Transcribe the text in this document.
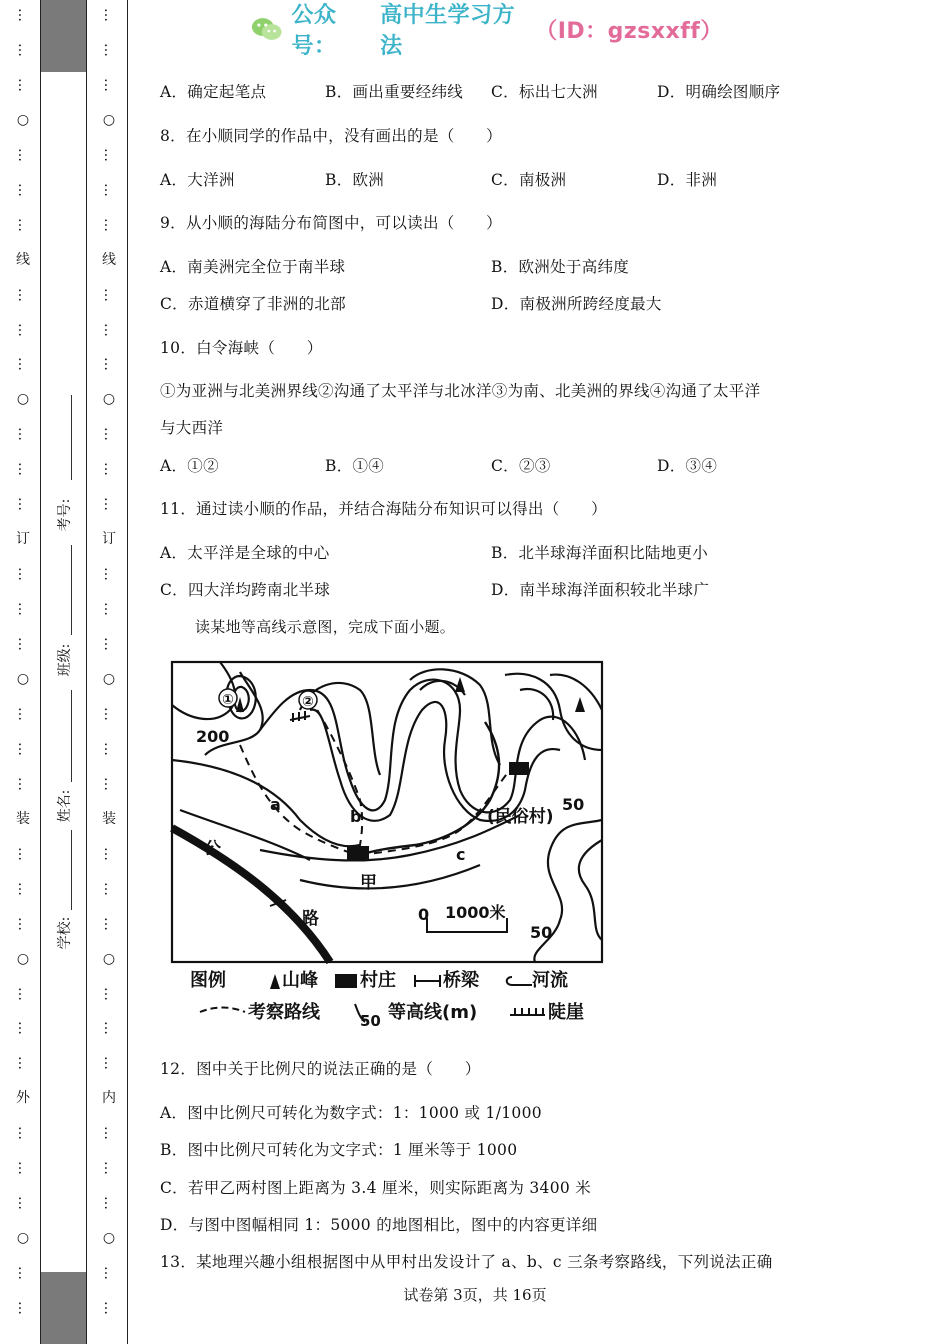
…
…
…
○
…
…
…
线
…
…
…
○
…
…
…
订
…
…
…
○
…
…
…
装
…
…
…
○
…
…
…
外
…
…
…
○
…
…
…
…
…
○
…
…
…
线
…
…
…
○
…
…
…
订
…
…
…
○
…
…
…
装
…
…
…
○
…
…
…
内
…
…
…
○
…
…
考号:
班级:
姓名:
学校:
公众号：
高中生学习方法
（ID：gzsxxff）
A．确定起笔点	B．画出重要经纬线 C．标出七大洲	D．明确绘图顺序
8．在小顺同学的作品中，没有画出的是（　　）
A．大洋洲	B．欧洲	C．南极洲	D．非洲
9．从小顺的海陆分布简图中，可以读出（　　）
A．南美洲完全位于南半球	B．欧洲处于高纬度
C．赤道横穿了非洲的北部	D．南极洲所跨经度最大
10．白令海峡（　　）
①为亚洲与北美洲界线②沟通了太平洋与北冰洋③为南、北美洲的界线④沟通了太平洋
与大西洋
A．①②	B．①④	C．②③	D．③④
11．通过读小顺的作品，并结合海陆分布知识可以得出（　　）
A．太平洋是全球的中心	B．北半球海洋面积比陆地更小
C．四大洋均跨南北半球	D．南半球海洋面积较北半球广
读某地等高线示意图，完成下面小题。
①	②
200
50
50
a
b
c
甲
(民俗村)
公
路	0 1000米
图例	山峰 村庄	桥梁	河流
考察路线	50 等高线(m)	陡崖
12．图中关于比例尺的说法正确的是（　　）
A．图中比例尺可转化为数字式：1：1000 或 1/1000
B．图中比例尺可转化为文字式：1 厘米等于 1000
C．若甲乙两村图上距离为 3.4 厘米，则实际距离为 3400 米
D．与图中图幅相同 1：5000 的地图相比，图中的内容更详细
13．某地理兴趣小组根据图中从甲村出发设计了 a、b、c 三条考察路线，下列说法正确
试卷第 3页，共 16页
